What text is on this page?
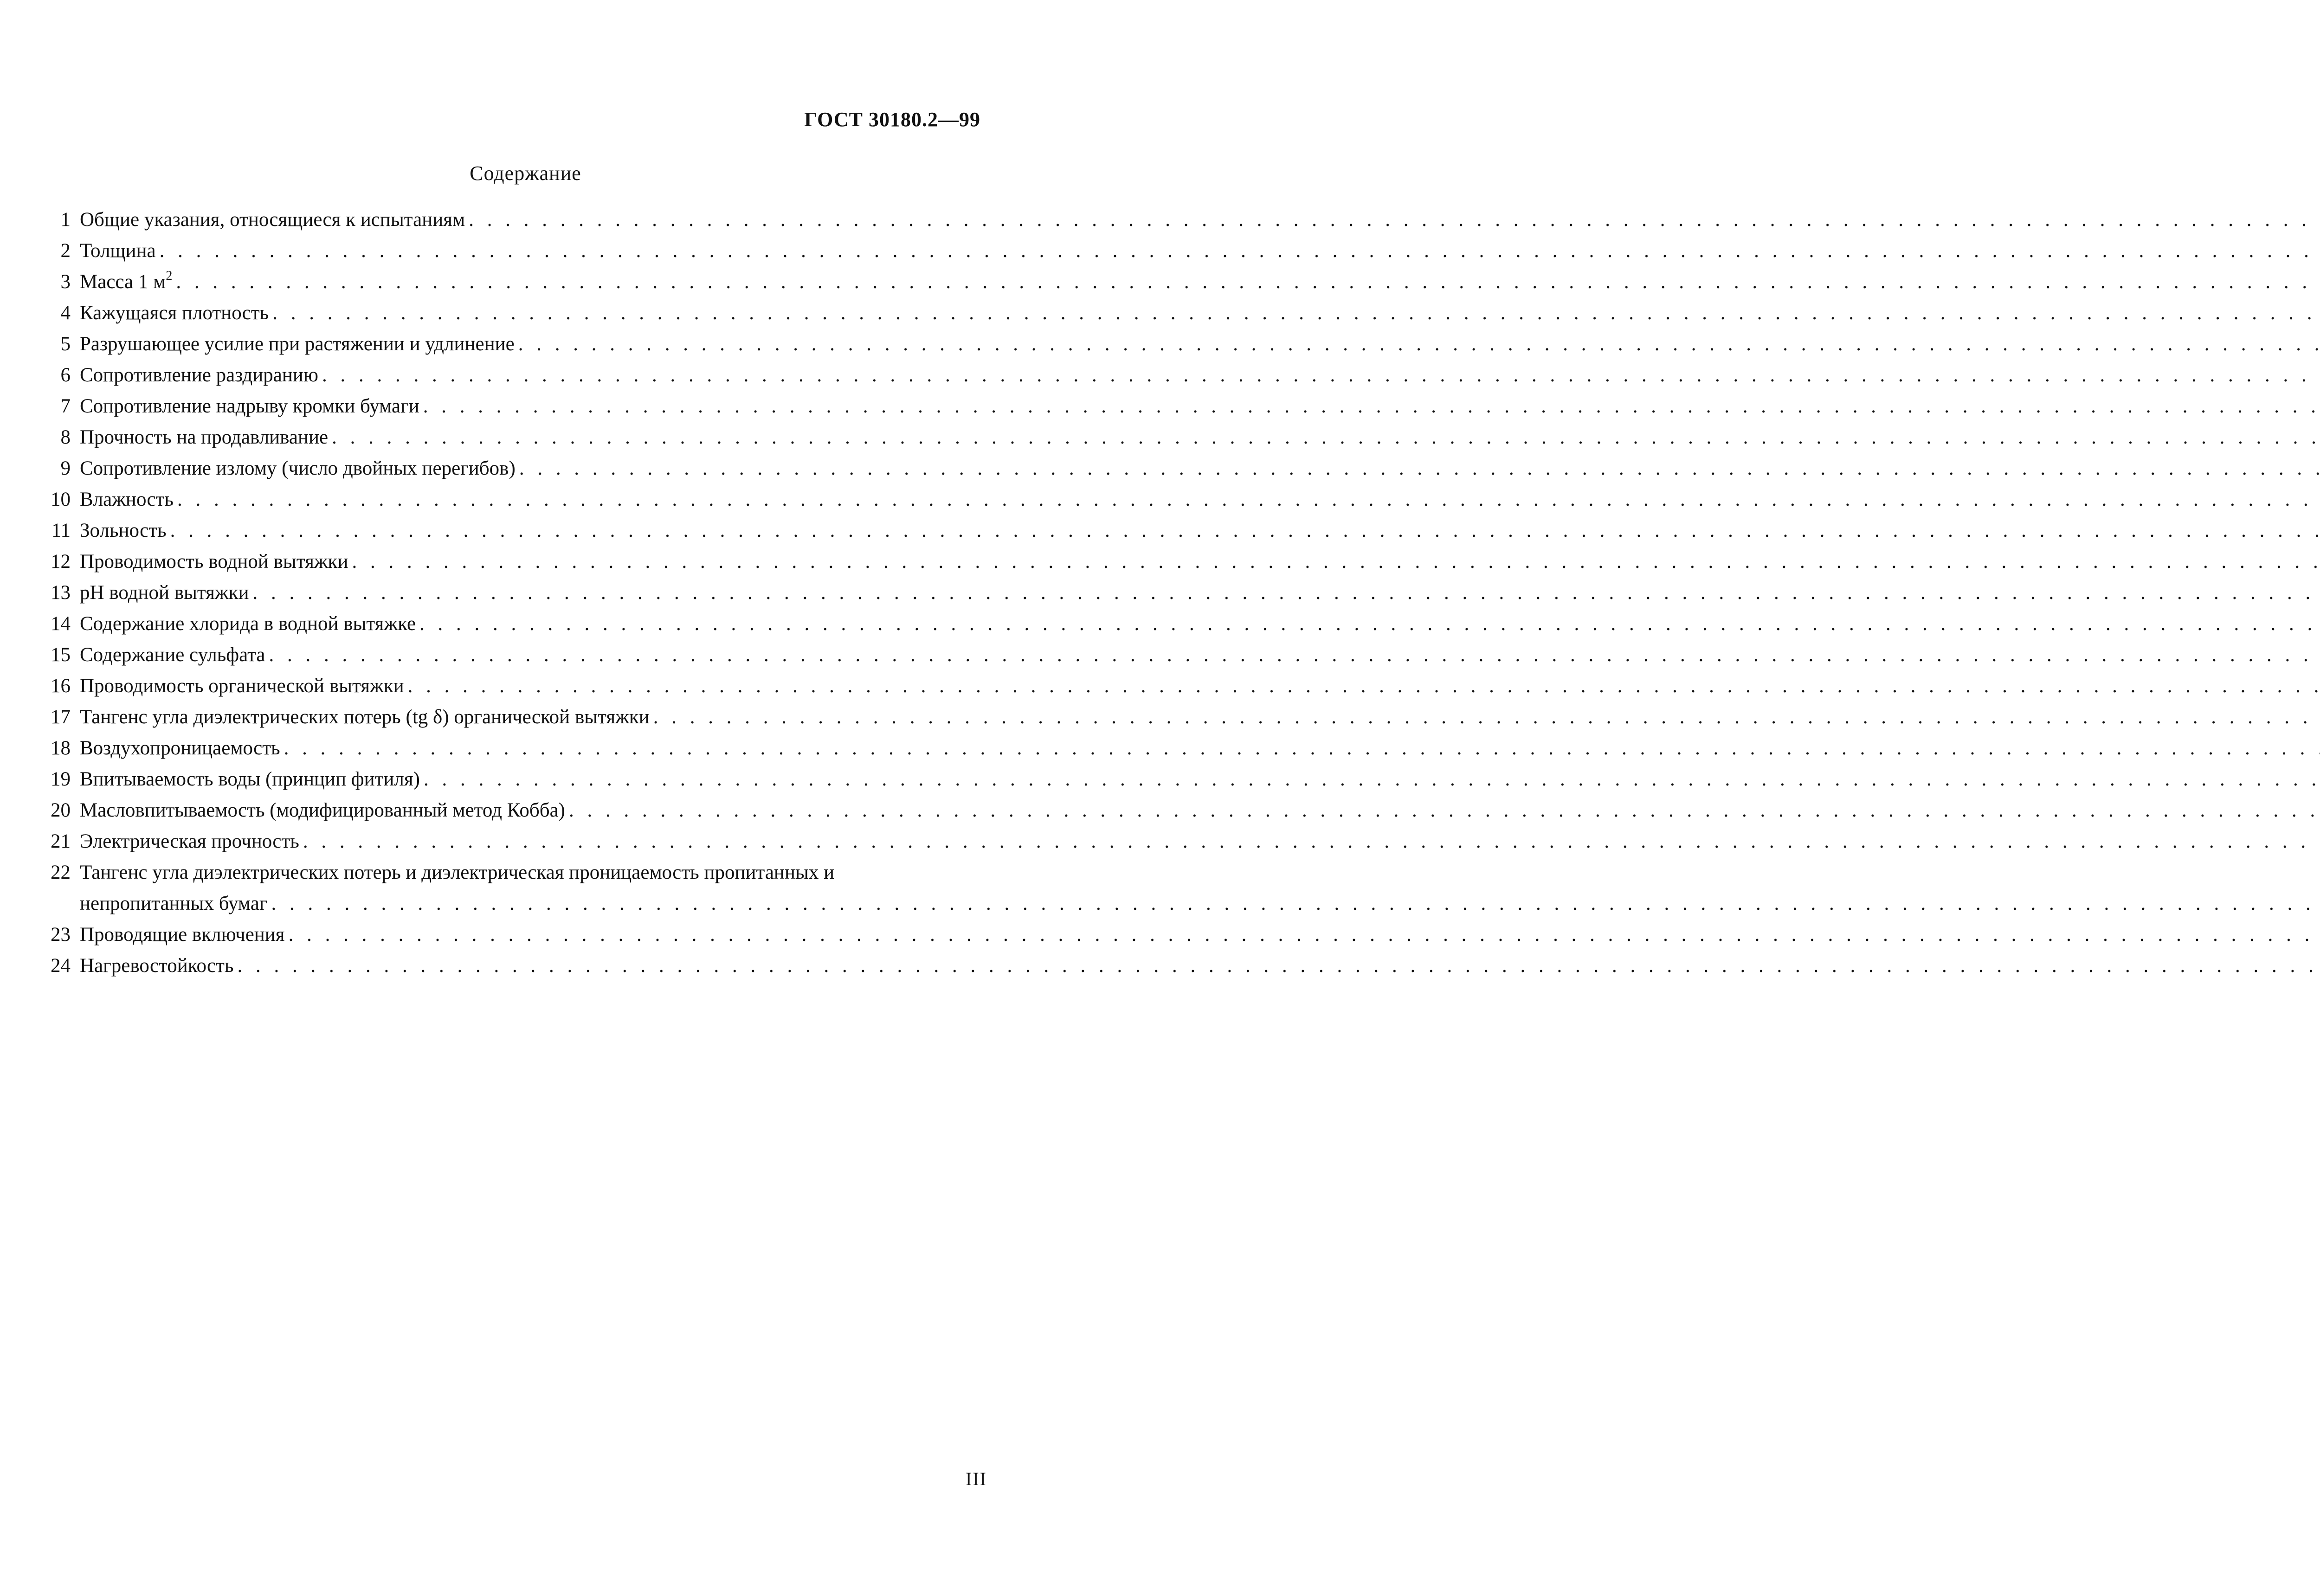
ГОСТ 30180.2—99
Содержание
1 Общие указания, относящиеся к испытаниям
. . .
2 Толщина
. . .
3 Масса 1 $м^2$
. . .
4 Кажущаяся плотность
. . .
5 Разрушающее усилие при растяжении и удлинение
. . .
6 Сопротивление раздиранию
. . .
7 Сопротивление надрыву кромки бумаги
. . .
8 Прочность на продавливание
. . .
9 Сопротивление излому (число двойных перегибов)
. . .
10 Влажность
. . .
11 Зольность
. . .
12 Проводимость водной вытяжки
. . .
13 pH водной вытяжки
. . .
14 Содержание хлорида в водной вытяжке
. . .
15 Содержание сульфата
. . .
16 Проводимость органической вытяжки
. . .
17 Тангенс угла диэлектрических потерь (tg δ) органической вытяжки
. . .
18 Воздухопроницаемость
. . .
19 Впитываемость воды (принцип фитиля)
. . .
20 Масловпитываемость (модифицированный метод Кобба)
. . .
21 Электрическая прочность
. . .
22 Тангенс угла диэлектрических потерь и диэлектрическая проницаемость пропитанных и
непропитанных бумаг
. . .
23 Проводящие включения
. . .
24 Нагревостойкость
. . .
III
